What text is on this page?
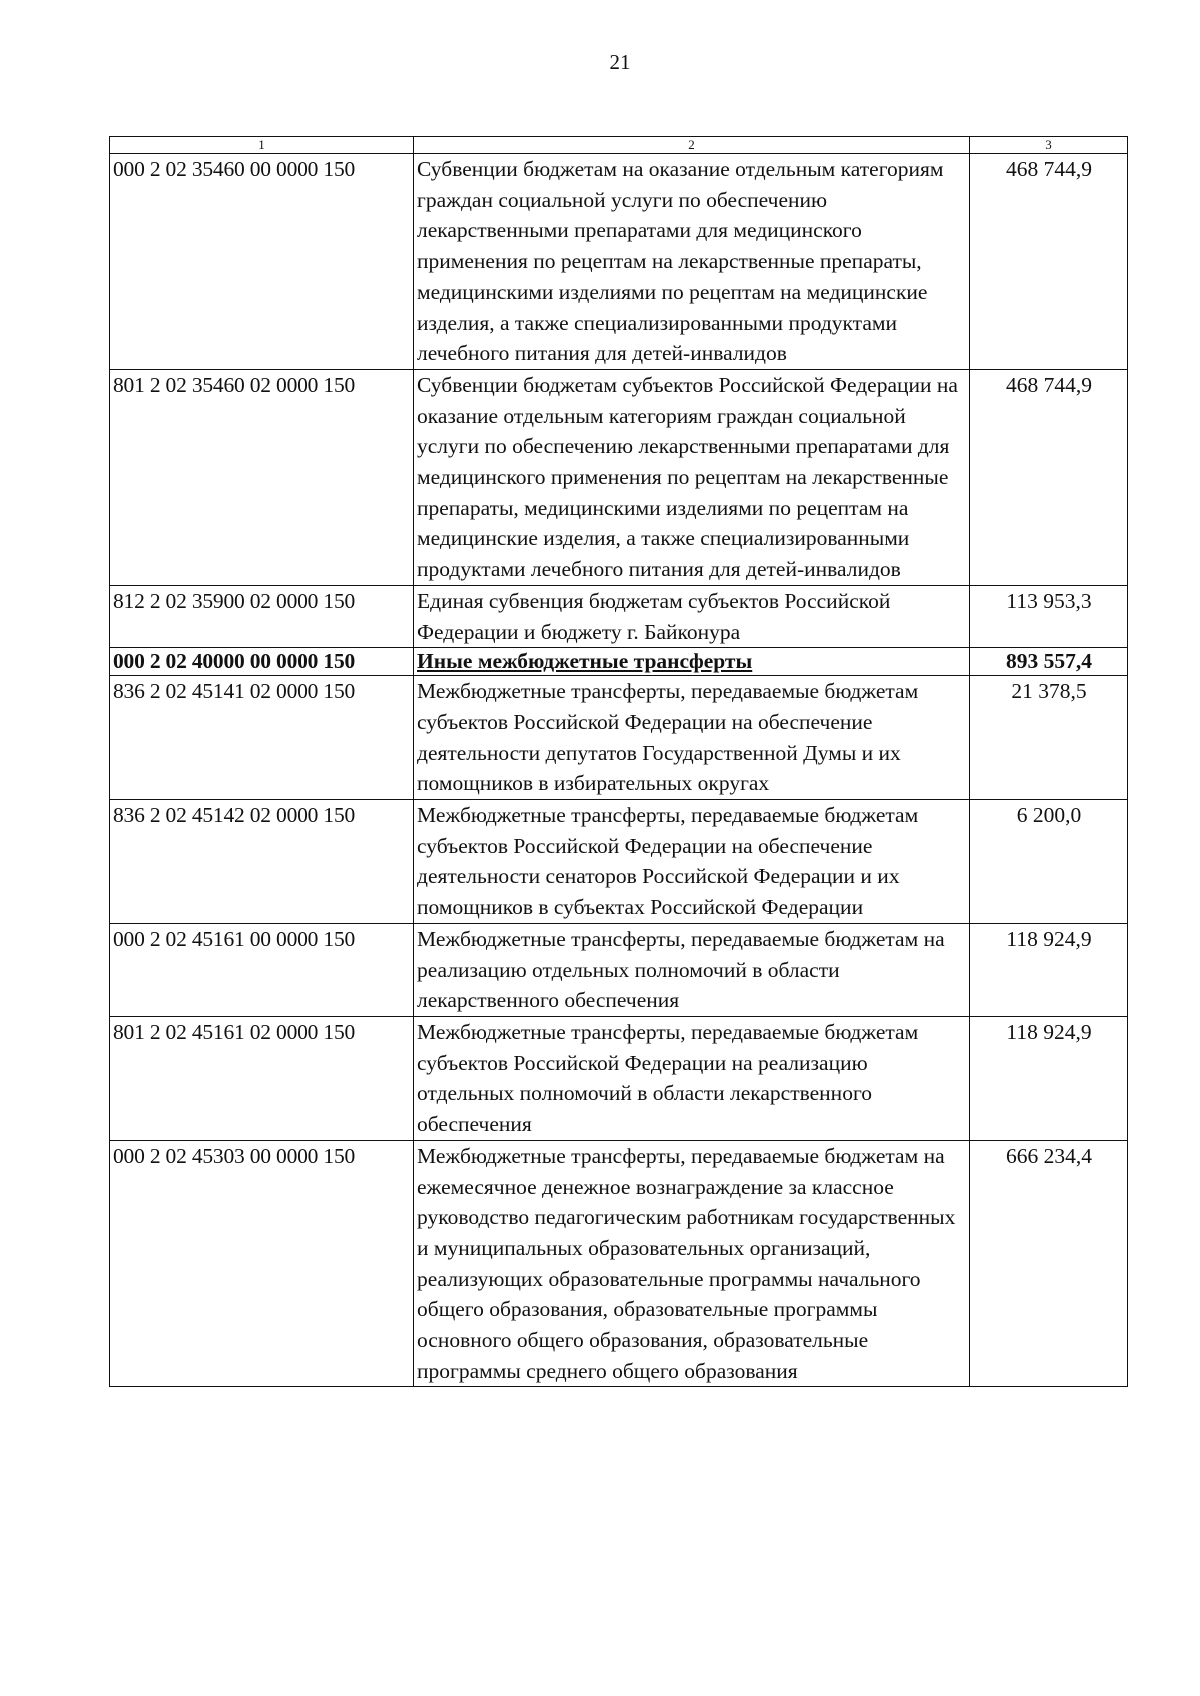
21
1	2	3
000 2 02 35460 00 0000 150	Субвенции бюджетам на оказание отдельным категориям граждан социальной услуги по обеспечению лекарственными препаратами для медицинского применения по рецептам на лекарственные препараты, медицинскими изделиями по рецептам на медицинские изделия, а также специализированными продуктами лечебного питания для детей-инвалидов	468 744,9
801 2 02 35460 02 0000 150	Субвенции бюджетам субъектов Российской Федерации на оказание отдельным категориям граждан социальной услуги по обеспечению лекарственными препаратами для медицинского применения по рецептам на лекарственные препараты, медицинскими изделиями по рецептам на медицинские изделия, а также специализированными продуктами лечебного питания для детей-инвалидов	468 744,9
812 2 02 35900 02 0000 150	Единая субвенция бюджетам субъектов Российской Федерации и бюджету г. Байконура	113 953,3
000 2 02 40000 00 0000 150	Иные межбюджетные трансферты	893 557,4
836 2 02 45141 02 0000 150	Межбюджетные трансферты, передаваемые бюджетам субъектов Российской Федерации на обеспечение деятельности депутатов Государственной Думы и их помощников в избирательных округах	21 378,5
836 2 02 45142 02 0000 150	Межбюджетные трансферты, передаваемые бюджетам субъектов Российской Федерации на обеспечение деятельности сенаторов Российской Федерации и их помощников в субъектах Российской Федерации	6 200,0
000 2 02 45161 00 0000 150	Межбюджетные трансферты, передаваемые бюджетам на реализацию отдельных полномочий в области лекарственного обеспечения	118 924,9
801 2 02 45161 02 0000 150	Межбюджетные трансферты, передаваемые бюджетам субъектов Российской Федерации на реализацию отдельных полномочий в области лекарственного обеспечения	118 924,9
000 2 02 45303 00 0000 150	Межбюджетные трансферты, передаваемые бюджетам на ежемесячное денежное вознаграждение за классное руководство педагогическим работникам государственных и муниципальных образовательных организаций, реализующих образовательные программы начального общего образования, образовательные программы основного общего образования, образовательные программы среднего общего образования	666 234,4
